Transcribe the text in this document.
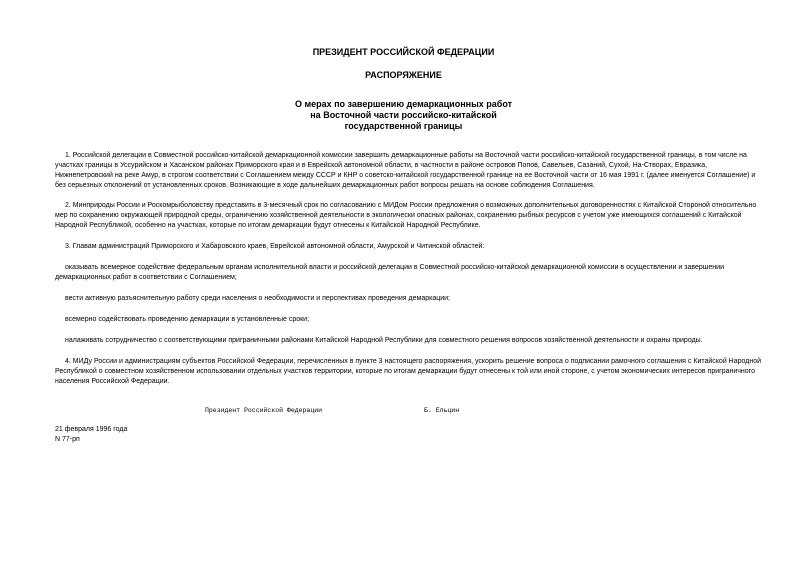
ПРЕЗИДЕНТ РОССИЙСКОЙ ФЕДЕРАЦИИ
РАСПОРЯЖЕНИЕ
О мерах по завершению демаркационных работ
на Восточной части российско-китайской
государственной границы
1. Российской делегации в Совместной российско-китайской демаркационной комиссии завершить демаркационные работы на Восточной части российско-китайской государственной границы, в том числе на
участках границы в Уссурийском и Хасанском районах Приморского края и в Еврейской автономной области, в частности в районе островов Попов, Савельев, Сазаний, Сухой, На-Створах, Евразика,
Нижнепетровский на реке Амур, в строгом соответствии с Соглашением между СССР и КНР о советско-китайской государственной границе на ее Восточной части от 16 мая 1991 г. (далее именуется Соглашение) и
без серьезных отклонений от установленных сроков. Возникающие в ходе дальнейших демаркационных работ вопросы решать на основе соблюдения Соглашения.
2. Минприроды России и Роскомрыболовству представить в 3-месячный срок по согласованию с МИДом России предложения о возможных дополнительных договоренностях с Китайской Стороной относительно
мер по сохранению окружающей природной среды, ограничению хозяйственной деятельности в экологически опасных районах, сохранению рыбных ресурсов с учетом уже имеющихся соглашений с Китайской
Народной Республикой, особенно на участках, которые по итогам демаркации будут отнесены к Китайской Народной Республике.
3. Главам администраций Приморского и Хабаровского краев, Еврейской автономной области, Амурской и Читинской областей:
оказывать всемерное содействие федеральным органам исполнительной власти и российской делегации в Совместной российско-китайской демаркационной комиссии в осуществлении и завершении
демаркационных работ в соответствии с Соглашением;
вести активную разъяснительную работу среди населения о необходимости и перспективах проведения демаркации;
всемерно содействовать проведению демаркации в установленные сроки;
налаживать сотрудничество с соответствующими приграничными районами Китайской Народной Республики для совместного решения вопросов хозяйственной деятельности и охраны природы.
4. МИДу России и администрациям субъектов Российской Федерации, перечисленных в пункте 3 настоящего распоряжения, ускорить решение вопроса о подписании рамочного соглашения с Китайской Народной
Республикой о совместном хозяйственном использовании отдельных участков территории, которые по итогам демаркации будут отнесены к той или иной стороне, с учетом экономических интересов приграничного
населения Российской Федерации.
Президент Российской Федерации	Б. Ельцин
21 февраля 1996 года
N 77-рп
